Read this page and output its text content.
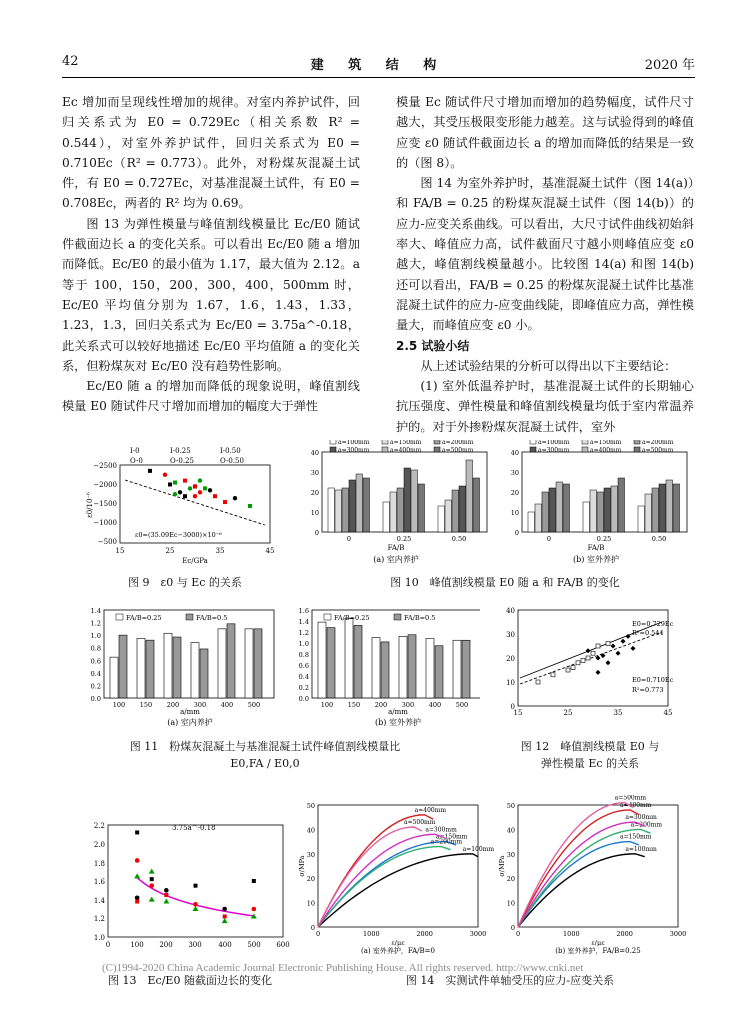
42	建 筑 结 构	2020 年

Ec 增加而呈现线性增加的规律。对室内养护试件，回归关系式为 E0 = 0.729Ec（相关系数 R² = 0.544），对室外养护试件，回归关系式为 E0 = 0.710Ec（R² = 0.773）。此外，对粉煤灰混凝土试件，有 E0 = 0.727Ec，对基准混凝土试件，有 E0 = 0.708Ec，两者的 R² 均为 0.69。

图 13 为弹性模量与峰值割线模量比 Ec/E0 随试件截面边长 a 的变化关系。可以看出 Ec/E0 随 a 增加而降低。Ec/E0 的最小值为 1.17，最大值为 2.12。a 等于 100，150，200，300，400，500mm 时，Ec/E0 平均值分别为 1.67，1.6，1.43，1.33，1.23，1.3，回归关系式为 Ec/E0 = 3.75a^-0.18，此关系式可以较好地描述 Ec/E0 平均值随 a 的变化关系，但粉煤灰对 Ec/E0 没有趋势性影响。

Ec/E0 随 a 的增加而降低的现象说明，峰值割线模量 E0 随试件尺寸增加而增加的幅度大于弹性

模量 Ec 随试件尺寸增加而增加的趋势幅度，试件尺寸越大，其受压极限变形能力越差。这与试验得到的峰值应变 ε0 随试件截面边长 a 的增加而降低的结果是一致的（图 8）。

图 14 为室外养护时，基准混凝土试件（图 14(a)）和 FA/B = 0.25 的粉煤灰混凝土试件（图 14(b)）的应力-应变关系曲线。可以看出，大尺寸试件曲线初始斜率大、峰值应力高，试件截面尺寸越小则峰值应变 ε0 越大，峰值割线模量越小。比较图 14(a) 和图 14(b) 还可以看出，FA/B = 0.25 的粉煤灰混凝土试件比基准混凝土试件的应力-应变曲线陡，即峰值应力高，弹性模量大，而峰值应变 ε0 小。

2.5 试验小结

从上述试验结果的分析可以得出以下主要结论：

(1) 室外低温养护时，基准混凝土试件的长期轴心抗压强度、弹性模量和峰值割线模量均低于室内常温养护的。对于外掺粉煤灰混凝土试件，室外

Ⅰ-0	Ⅰ-0.25	Ⅰ-0.50
O-0	O-0.25	O-0.50
ε0=(35.09Ec−3000)×10⁻⁶
−2500
−2000
−1500
−1000
−500
15	25	35	45
Ec/GPa
ε0/10⁻⁶
图 9　ε0 与 Ec 的关系
0
10
20
30
40
0	0.25	0.50
a=100mm	a=150mm	a=200mm
a=300mm	a=400mm	a=500mm
0
10
20
30
40
0	0.25	0.50
a=100mm	a=150mm	a=200mm
a=300mm	a=400mm	a=500mm
FA/B	FA/B
(a) 室内养护	(b) 室外养护
图 10　峰值割线模量 E0 随 a 和 FA/B 的变化
0.0
0.2
0.4
0.6
0.8
1.0
1.2
1.4
100 150 200 300 400 500
FA/B=0.25	FA/B=0.5
0.0
0.2
0.4
0.6
0.8
1.0
1.2
1.4
1.6
100 150 200 300 400 500
FA/B=0.25	FA/B=0.5
a/mm	a/mm
(a) 室内养护	(b) 室外养护
图 11　粉煤灰混凝土与基准混凝土试件峰值割线模量比
E0,FA / E0,0
E0=0.729Ec
R²=0.544
E0=0.710Ec
R²=0.773
15	25	35	45
40
30
20
10
0
图 12　峰值割线模量 E0 与
弹性模量 Ec 的关系
3.75a^-0.18
2.2
2.0
1.8
1.6
1.4
1.2
1.0
0	100 200 300 400 500 600
图 13　Ec/E0 随截面边长的变化
0
10
20
30
40
50
0	1000	2000	3000
ε/με
σ/MPa
a=100mm
a=150mm
a=200mm
a=300mm
a=400mm
a=500mm
0
10
20
30
40
50
0	1000	2000	3000
ε/με
σ/MPa
a=100mm
a=150mm
a=200mm
a=300mm
a=400mm
a=500mm
(a) 室外养护，FA/B=0	(b) 室外养护，FA/B=0.25
图 14　实测试件单轴受压的应力-应变关系
(C)1994-2020 China Academic Journal Electronic Publishing House. All rights reserved. http://www.cnki.net
